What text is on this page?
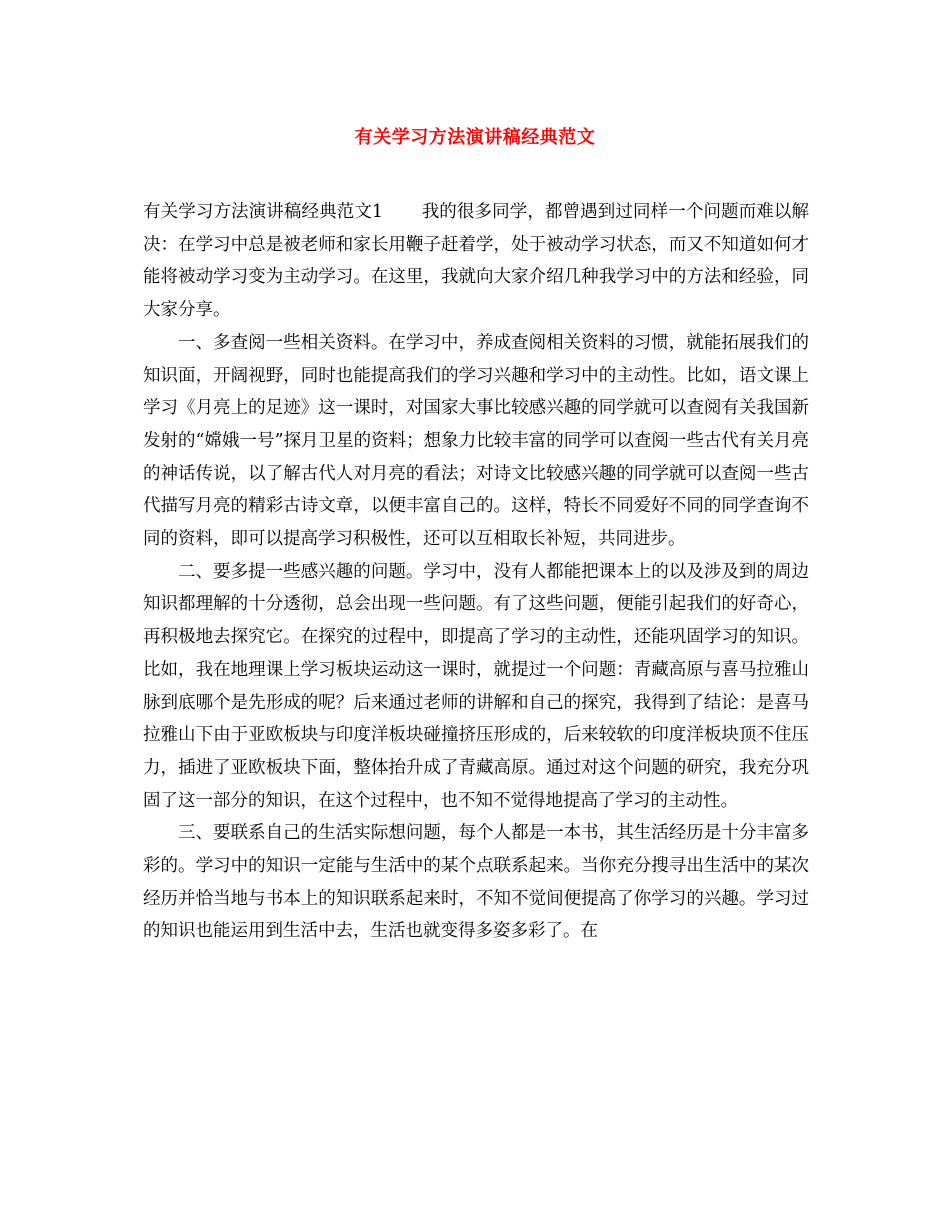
有关学习方法演讲稿经典范文

有关学习方法演讲稿经典范文1 我的很多同学，都曾遇到过同样一个问题而难以解决：在学习中总是被老师和家长用鞭子赶着学，处于被动学习状态，而又不知道如何才能将被动学习变为主动学习。在这里，我就向大家介绍几种我学习中的方法和经验，同大家分享。

一、多查阅一些相关资料。在学习中，养成查阅相关资料的习惯，就能拓展我们的知识面，开阔视野，同时也能提高我们的学习兴趣和学习中的主动性。比如，语文课上学习《月亮上的足迹》这一课时，对国家大事比较感兴趣的同学就可以查阅有关我国新发射的“嫦娥一号”探月卫星的资料；想象力比较丰富的同学可以查阅一些古代有关月亮的神话传说，以了解古代人对月亮的看法；对诗文比较感兴趣的同学就可以查阅一些古代描写月亮的精彩古诗文章，以便丰富自己的。这样，特长不同爱好不同的同学查询不同的资料，即可以提高学习积极性，还可以互相取长补短，共同进步。

二、要多提一些感兴趣的问题。学习中，没有人都能把课本上的以及涉及到的周边知识都理解的十分透彻，总会出现一些问题。有了这些问题，便能引起我们的好奇心，再积极地去探究它。在探究的过程中，即提高了学习的主动性，还能巩固学习的知识。比如，我在地理课上学习板块运动这一课时，就提过一个问题：青藏高原与喜马拉雅山脉到底哪个是先形成的呢？后来通过老师的讲解和自己的探究，我得到了结论：是喜马拉雅山下由于亚欧板块与印度洋板块碰撞挤压形成的，后来较软的印度洋板块顶不住压力，插进了亚欧板块下面，整体抬升成了青藏高原。通过对这个问题的研究，我充分巩固了这一部分的知识，在这个过程中，也不知不觉得地提高了学习的主动性。

三、要联系自己的生活实际想问题，每个人都是一本书，其生活经历是十分丰富多彩的。学习中的知识一定能与生活中的某个点联系起来。当你充分搜寻出生活中的某次经历并恰当地与书本上的知识联系起来时，不知不觉间便提高了你学习的兴趣。学习过的知识也能运用到生活中去，生活也就变得多姿多彩了。在
